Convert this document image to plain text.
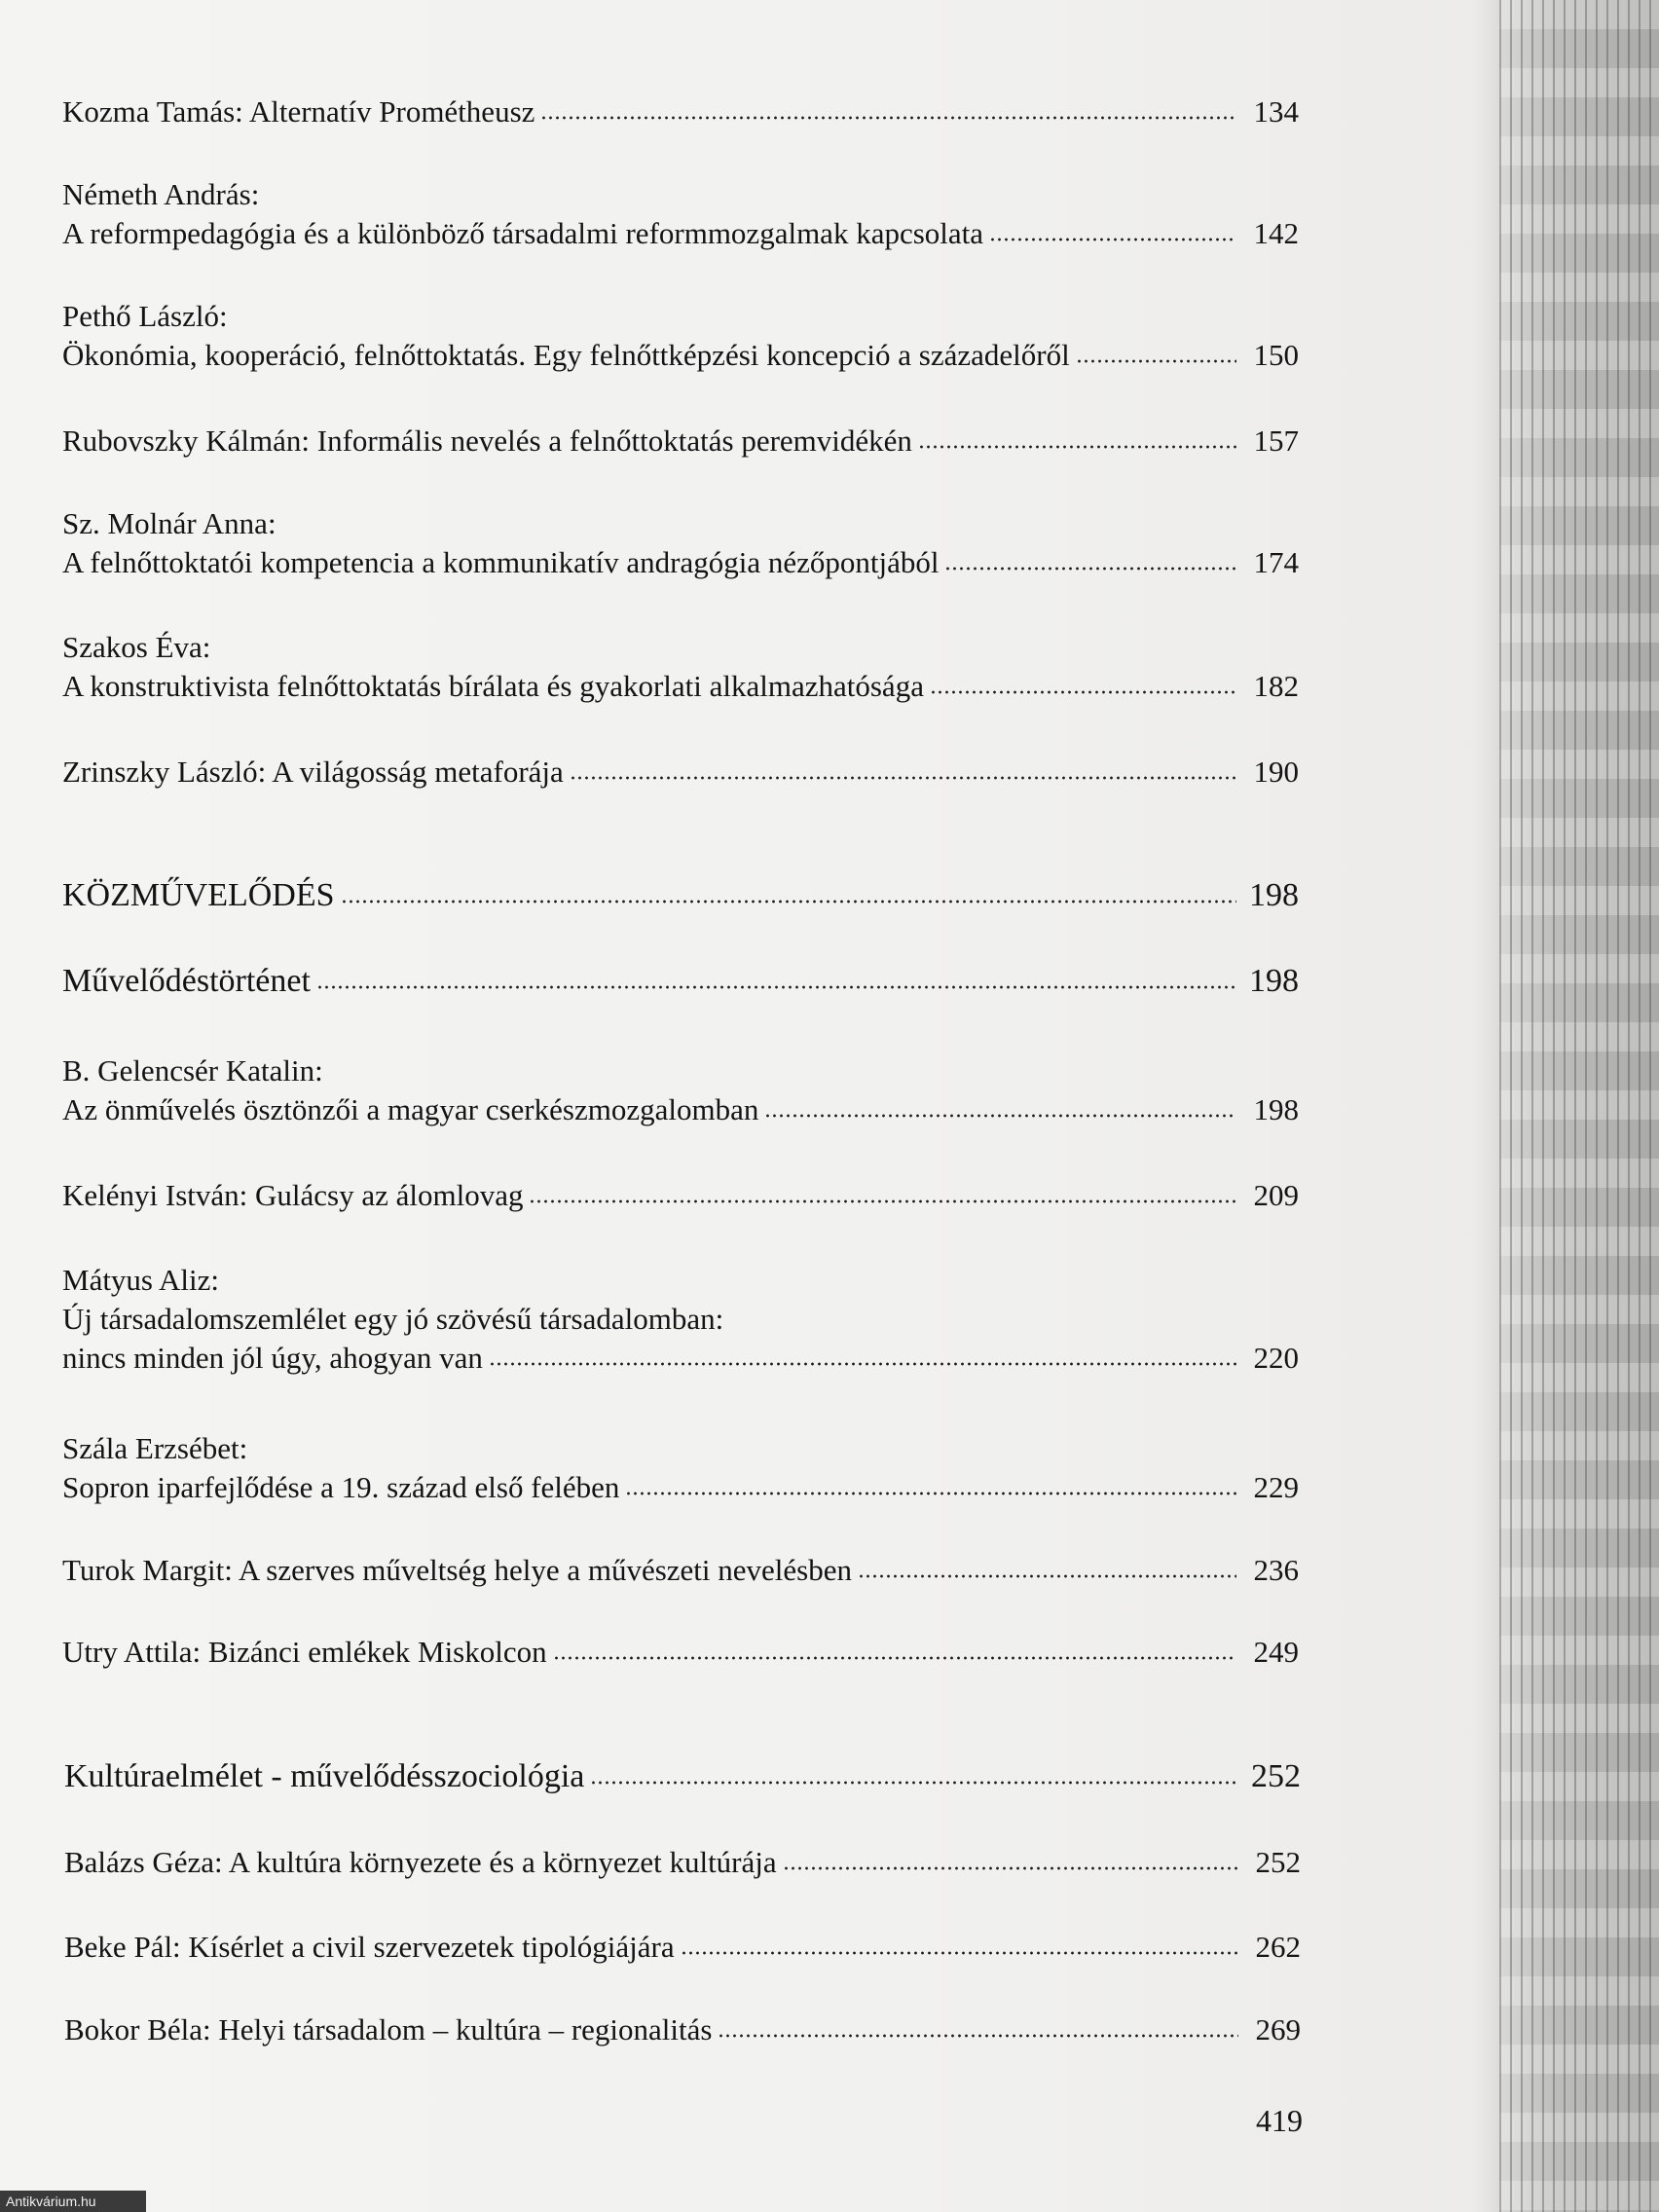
Kozma Tamás: Alternatív Prométheusz	134
Németh András:
A reformpedagógia és a különböző társadalmi reformmozgalmak kapcsolata	142
Pethő László:
Ökonómia, kooperáció, felnőttoktatás. Egy felnőttképzési koncepció a századelőről	150
Rubovszky Kálmán: Informális nevelés a felnőttoktatás peremvidékén	157
Sz. Molnár Anna:
A felnőttoktatói kompetencia a kommunikatív andragógia nézőpontjából	174
Szakos Éva:
A konstruktivista felnőttoktatás bírálata és gyakorlati alkalmazhatósága	182
Zrinszky László: A világosság metaforája	190
KÖZMŰVELŐDÉS	198
Művelődéstörténet	198
B. Gelencsér Katalin:
Az önművelés ösztönzői a magyar cserkészmozgalomban	198
Kelényi István: Gulácsy az álomlovag	209
Mátyus Aliz:
Új társadalomszemlélet egy jó szövésű társadalomban:
nincs minden jól úgy, ahogyan van	220
Szála Erzsébet:
Sopron iparfejlődése a 19. század első felében	229
Turok Margit: A szerves műveltség helye a művészeti nevelésben	236
Utry Attila: Bizánci emlékek Miskolcon	249
Kultúraelmélet - művelődésszociológia	252
Balázs Géza: A kultúra környezete és a környezet kultúrája	252
Beke Pál: Kísérlet a civil szervezetek tipológiájára	262
Bokor Béla: Helyi társadalom – kultúra – regionalitás	269
419
Antikvárium.hu
